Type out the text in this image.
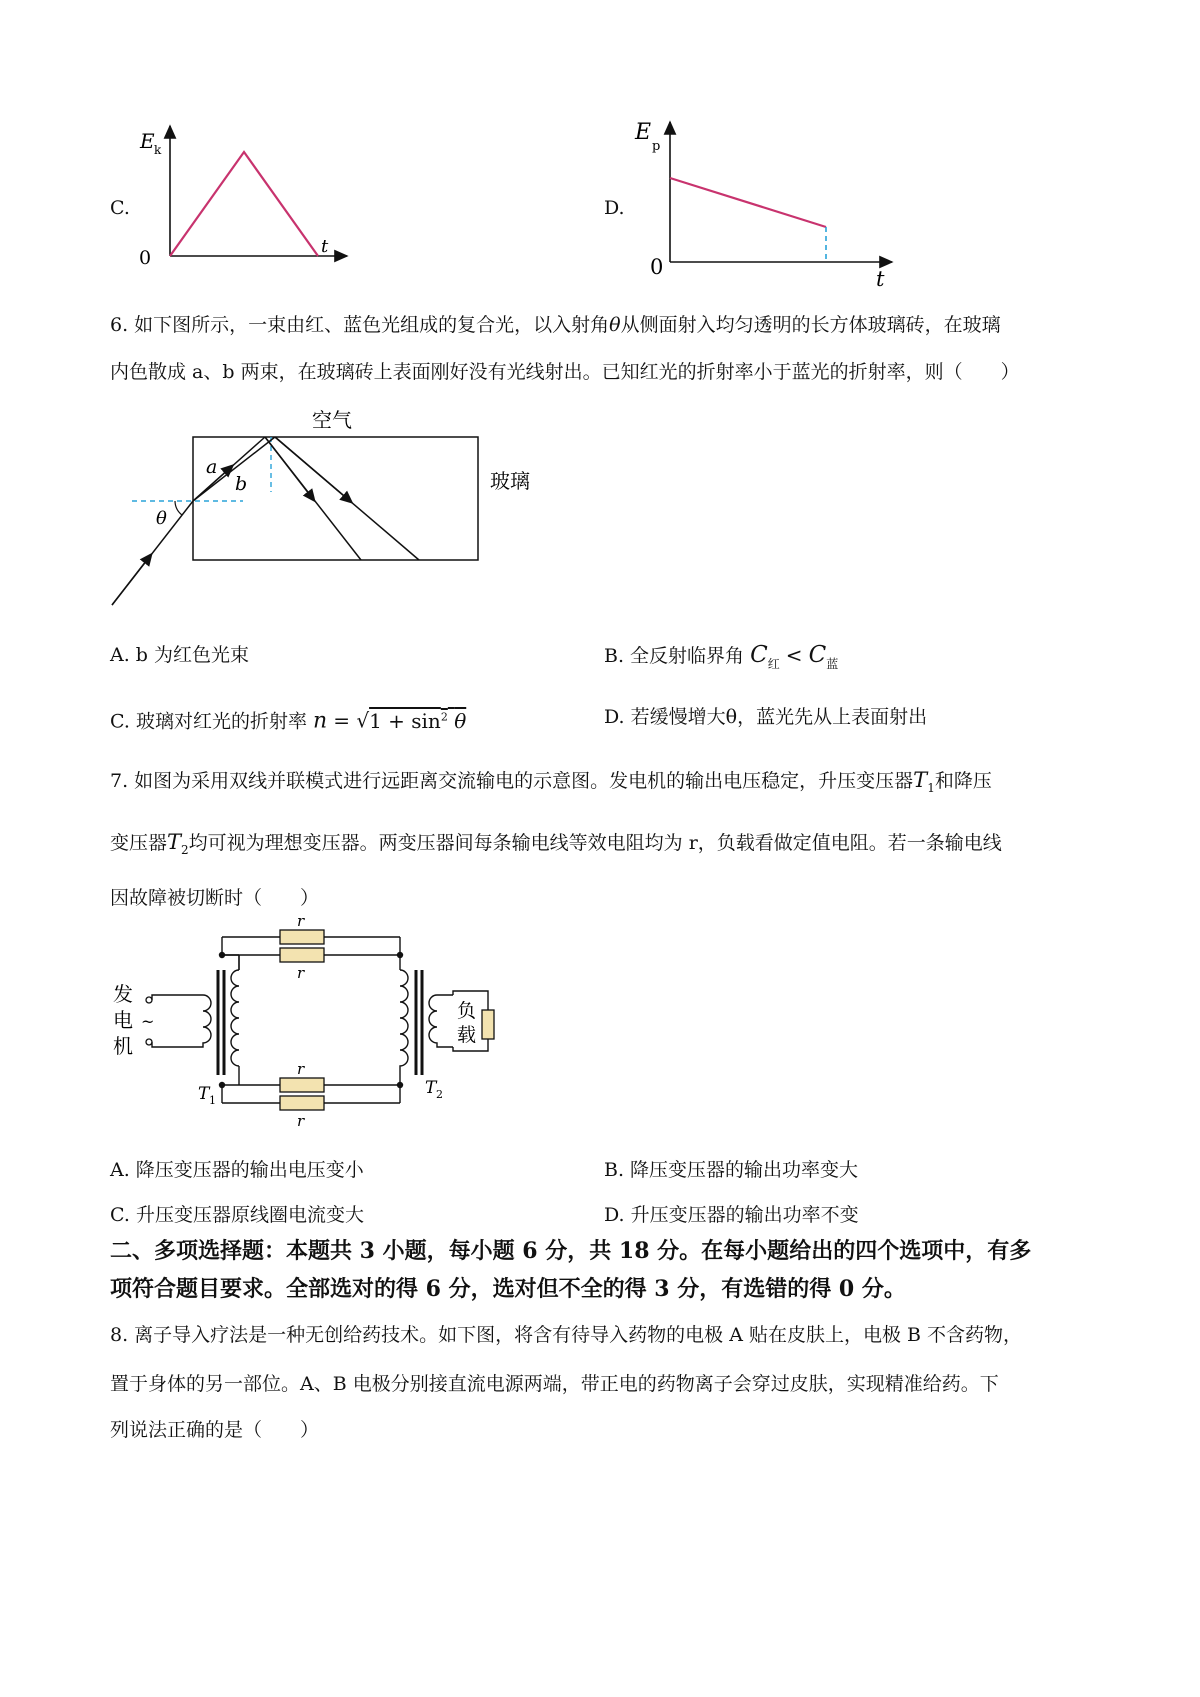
C.
E k
0
t
D.
E
p
0	t
6. 如下图所示，一束由红、蓝色光组成的复合光，以入射角θ从侧面射入均匀透明的长方体玻璃砖，在玻璃
内色散成 a、b 两束，在玻璃砖上表面刚好没有光线射出。已知红光的折射率小于蓝光的折射率，则（　　）
空气
玻璃
a
b
θ
A. b 为红色光束	B. 全反射临界角 $C_红 < C_蓝$
C. 玻璃对红光的折射率 $n = √1 + \sin^2 \theta$	D. 若缓慢增大θ，蓝光先从上表面射出
7. 如图为采用双线并联模式进行远距离交流输电的示意图。发电机的输出电压稳定，升压变压器$T_1$和降压
变压器$T_2$均可视为理想变压器。两变压器间每条输电线等效电阻均为 r，负载看做定值电阻。若一条输电线
因故障被切断时（　　）
发
电
机
~
r
r
r
r
负
载
T 1
T 2
A. 降压变压器的输出电压变小	B. 降压变压器的输出功率变大
C. 升压变压器原线圈电流变大	D. 升压变压器的输出功率不变
二、多项选择题：本题共 3 小题，每小题 6 分，共 18 分。在每小题给出的四个选项中，有多
项符合题目要求。全部选对的得 6 分，选对但不全的得 3 分，有选错的得 0 分。
8. 离子导入疗法是一种无创给药技术。如下图，将含有待导入药物的电极 A 贴在皮肤上，电极 B 不含药物，
置于身体的另一部位。A、B 电极分别接直流电源两端，带正电的药物离子会穿过皮肤，实现精准给药。下
列说法正确的是（　　）
